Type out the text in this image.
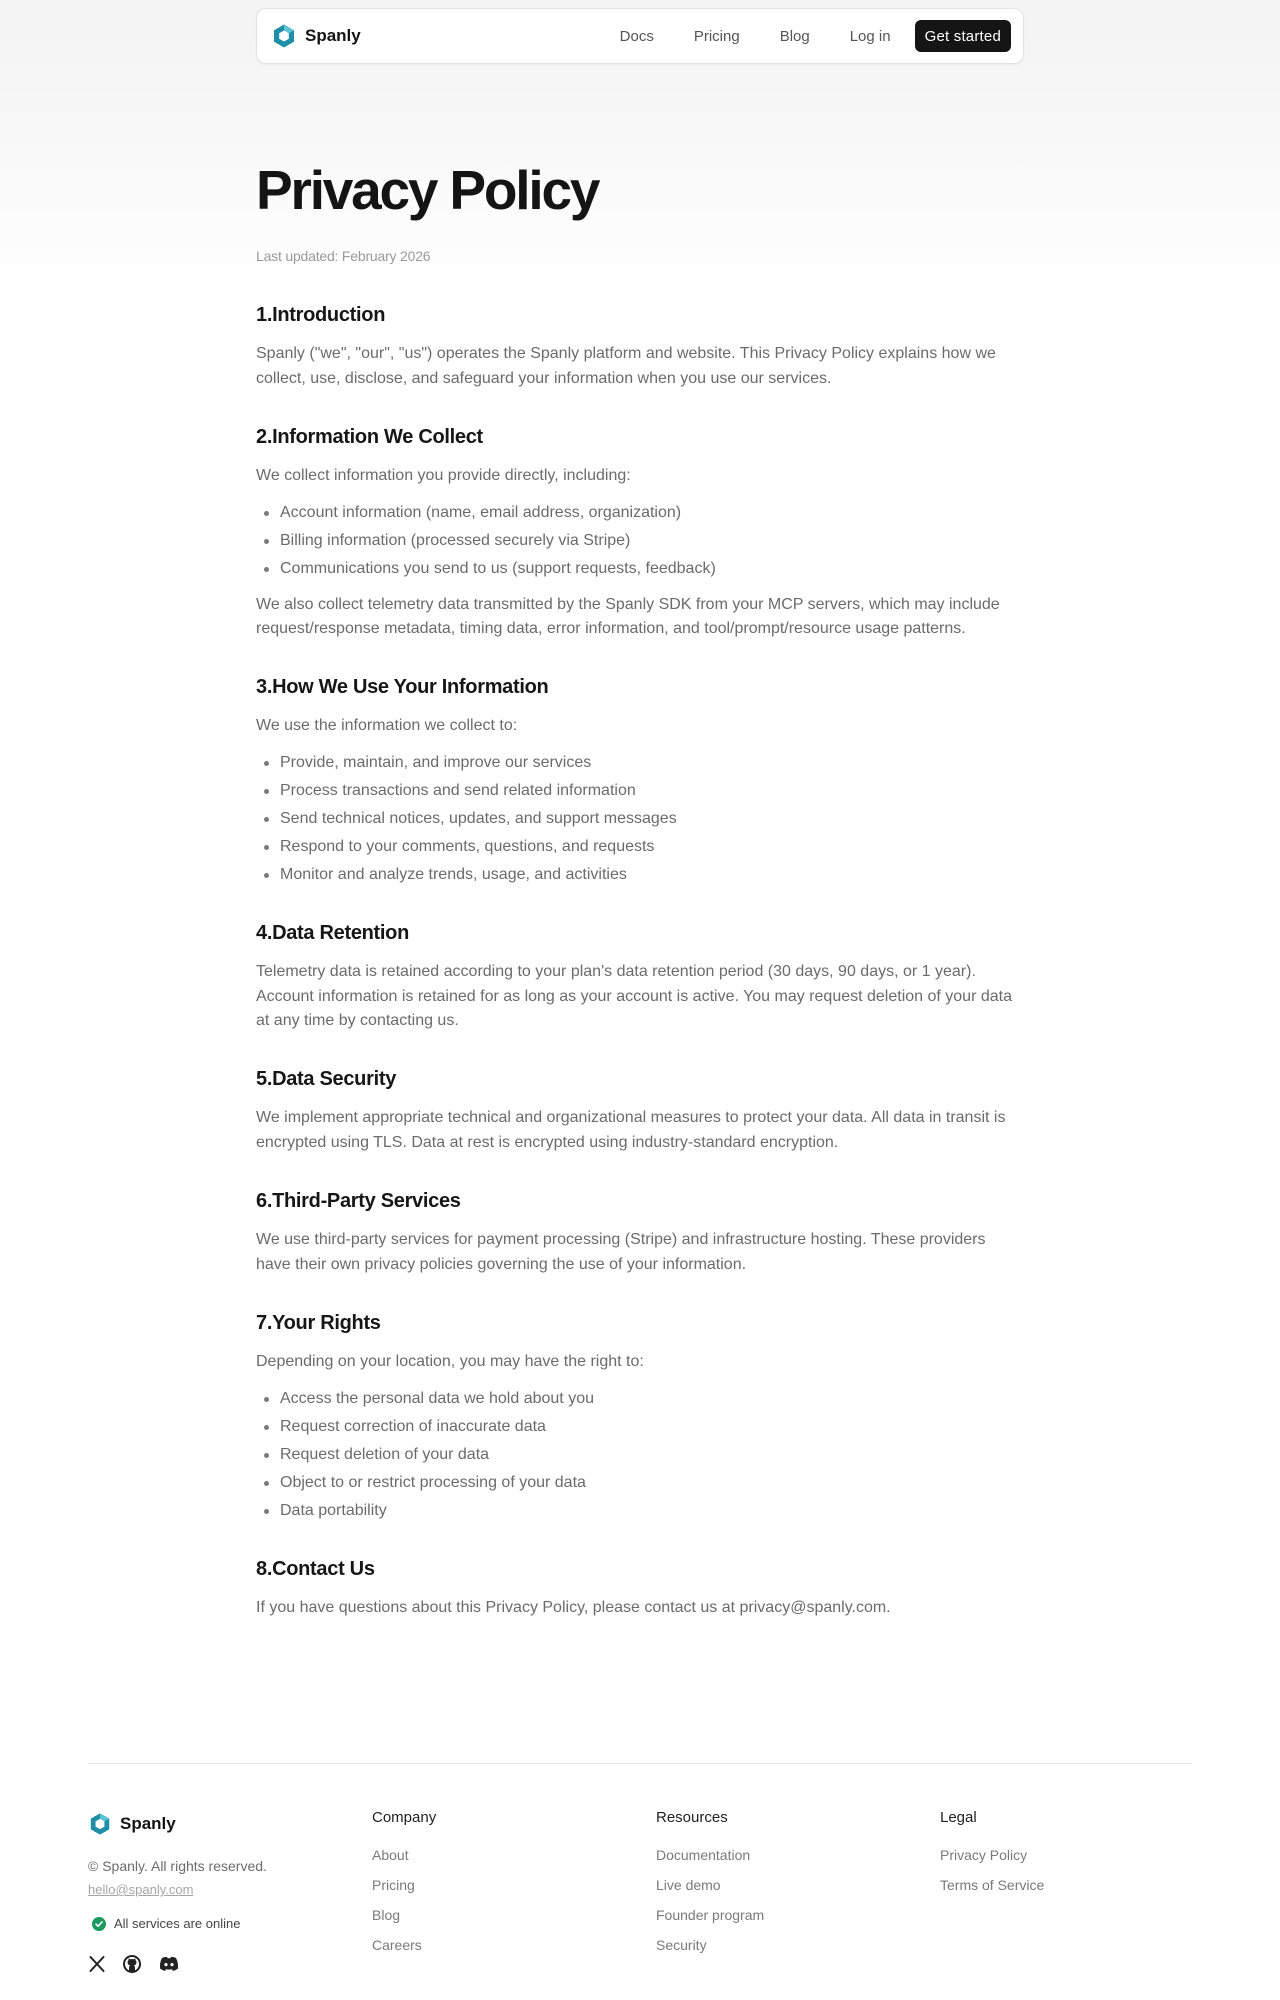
Spanly	Docs	Pricing	Blog	Log in	Get started
Privacy Policy
Last updated: February 2026
1.Introduction

Spanly ("we", "our", "us") operates the Spanly platform and website. This Privacy Policy explains how we collect, use, disclose, and safeguard your information when you use our services.

2.Information We Collect

We collect information you provide directly, including:

Account information (name, email address, organization)
Billing information (processed securely via Stripe)
Communications you send to us (support requests, feedback)

We also collect telemetry data transmitted by the Spanly SDK from your MCP servers, which may include request/response metadata, timing data, error information, and tool/prompt/resource usage patterns.

3.How We Use Your Information

We use the information we collect to:

Provide, maintain, and improve our services
Process transactions and send related information
Send technical notices, updates, and support messages
Respond to your comments, questions, and requests
Monitor and analyze trends, usage, and activities
4.Data Retention

Telemetry data is retained according to your plan's data retention period (30 days, 90 days, or 1 year). Account information is retained for as long as your account is active. You may request deletion of your data at any time by contacting us.

5.Data Security

We implement appropriate technical and organizational measures to protect your data. All data in transit is encrypted using TLS. Data at rest is encrypted using industry-standard encryption.

6.Third-Party Services

We use third-party services for payment processing (Stripe) and infrastructure hosting. These providers have their own privacy policies governing the use of your information.

7.Your Rights

Depending on your location, you may have the right to:

Access the personal data we hold about you
Request correction of inaccurate data
Request deletion of your data
Object to or restrict processing of your data
Data portability
8.Contact Us

If you have questions about this Privacy Policy, please contact us at privacy@spanly.com.

Spanly
© Spanly. All rights reserved.
hello@spanly.com
All services are online
Company
About
Pricing
Blog
Careers
Resources
Documentation
Live demo
Founder program
Security
Legal
Privacy Policy
Terms of Service
